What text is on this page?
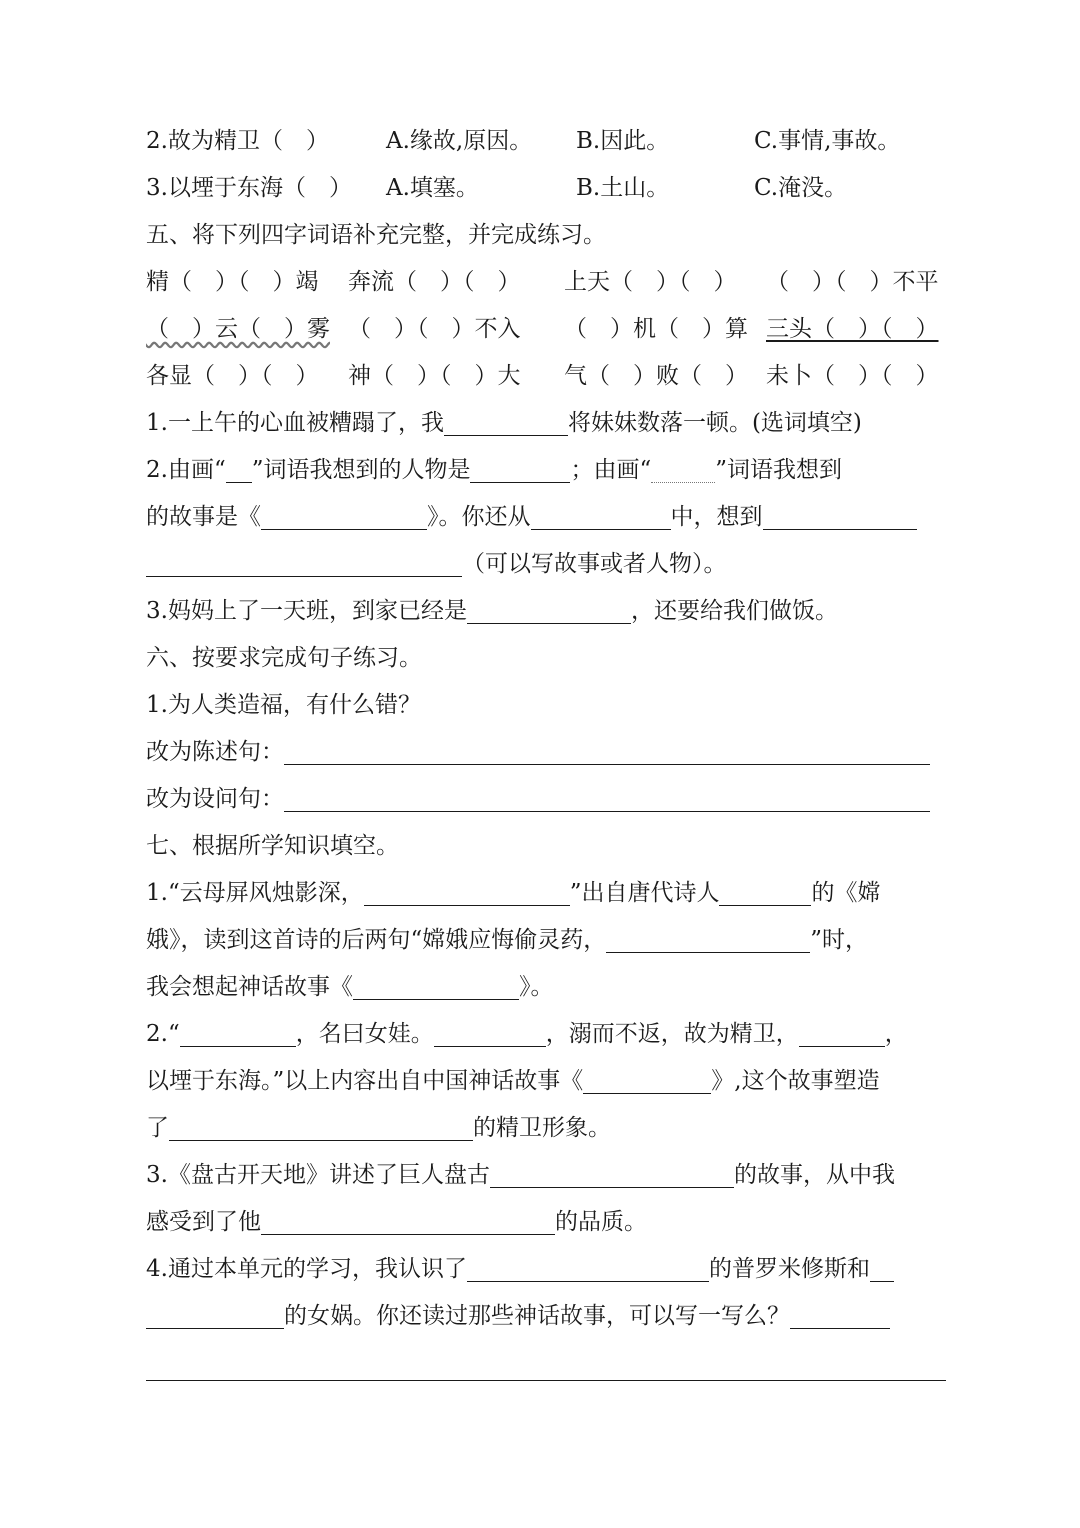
2.故为精卫（　） A.缘故,原因。 B.因此。	C.事情,事故。
3.以堙于东海（　） A.填塞。	B.土山。	C.淹没。
五、将下列四字词语补充完整，并完成练习。
精（　）（　）竭 奔流（　）（　） 上天（　）（　） （　）（　）不平
（　）云（　）雾 （　）（　）不入 （　）机（　）算 三头（　）（　）
各显（　）（　） 神（　）（　）大 气（　）败（　） 未卜（　）（　）
1.一上午的心血被糟蹋了，我	将妹妹数落一顿。(选词填空)
2.由画“ ”词语我想到的人物是	；由画“	”词语我想到
的故事是《	》。你还从	中，想到
（可以写故事或者人物）。
3.妈妈上了一天班，到家已经是	，还要给我们做饭。
六、按要求完成句子练习。
1.为人类造福，有什么错？
改为陈述句：
改为设问句：
七、根据所学知识填空。
1.“云母屏风烛影深，	”出自唐代诗人	的《嫦
娥》，读到这首诗的后两句“嫦娥应悔偷灵药，	”时，
我会想起神话故事《	》。
2.“	，名曰女娃。	，溺而不返，故为精卫，	，
以堙于东海。”以上内容出自中国神话故事《	》,这个故事塑造
了	的精卫形象。
3.《盘古开天地》讲述了巨人盘古	的故事，从中我
感受到了他	的品质。
4.通过本单元的学习，我认识了	的普罗米修斯和
的女娲。你还读过那些神话故事，可以写一写么？
